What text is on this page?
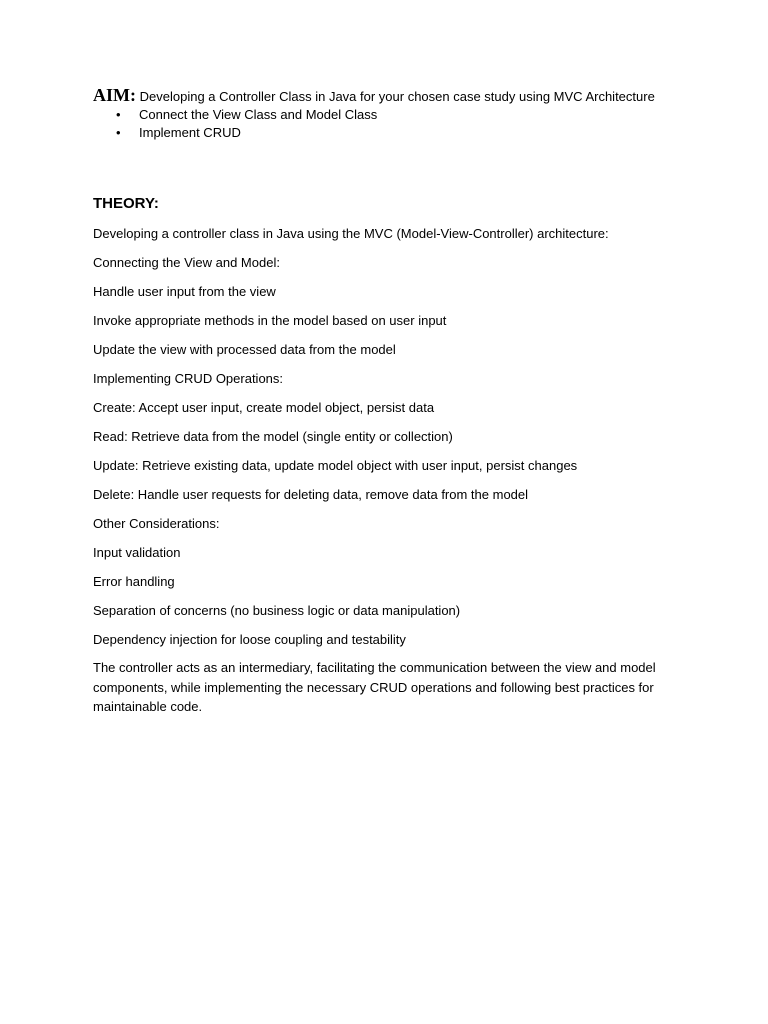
AIM: Developing a Controller Class in Java for your chosen case study using MVC Architecture
• Connect the View Class and Model Class
• Implement CRUD
THEORY:
Developing a controller class in Java using the MVC (Model-View-Controller) architecture:
Connecting the View and Model:
Handle user input from the view
Invoke appropriate methods in the model based on user input
Update the view with processed data from the model
Implementing CRUD Operations:
Create: Accept user input, create model object, persist data
Read: Retrieve data from the model (single entity or collection)
Update: Retrieve existing data, update model object with user input, persist changes
Delete: Handle user requests for deleting data, remove data from the model
Other Considerations:
Input validation
Error handling
Separation of concerns (no business logic or data manipulation)
Dependency injection for loose coupling and testability
The controller acts as an intermediary, facilitating the communication between the view and model components, while implementing the necessary CRUD operations and following best practices for maintainable code.
